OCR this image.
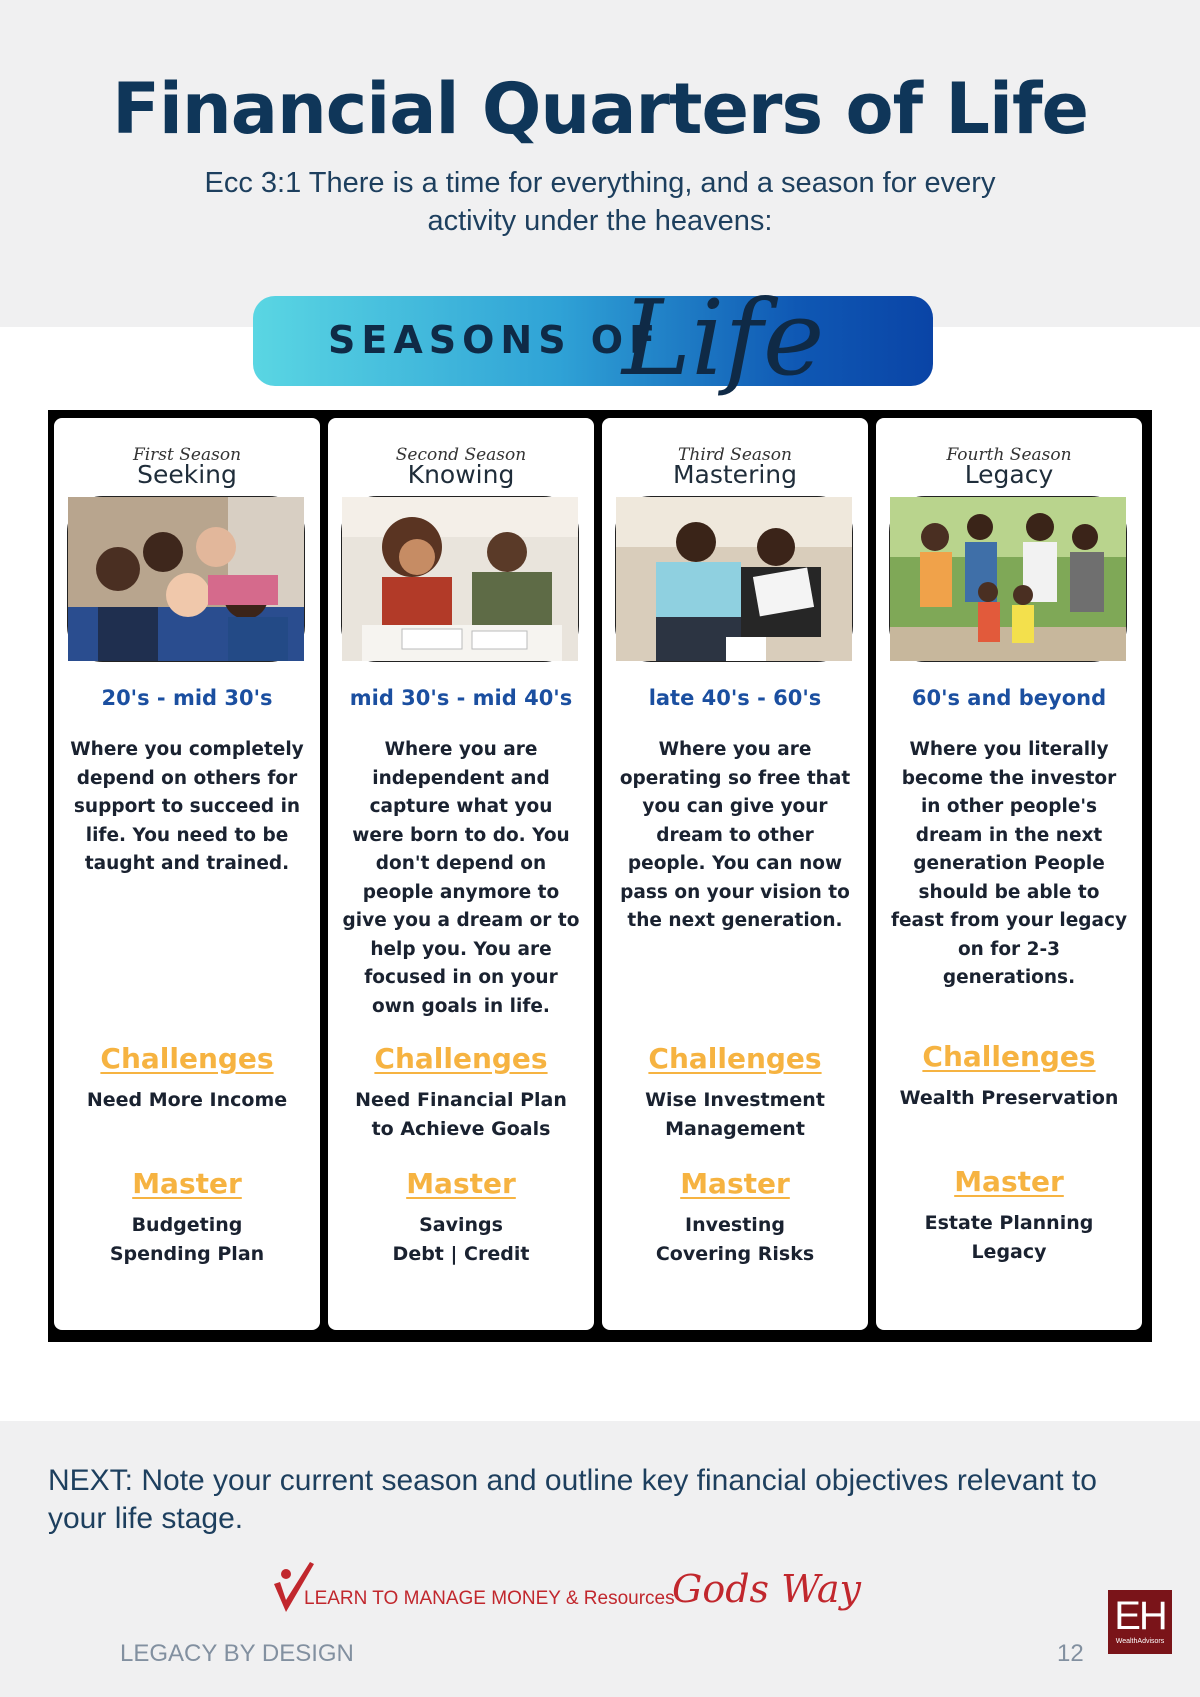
Financial Quarters of Life
Ecc 3:1 There is a time for everything, and a season for every activity under the heavens:
SEASONS OF
Life
First Season
Seeking
20's - mid 30's

Where you completely depend on others for support to succeed in life. You need to be taught and trained.

Challenges
Need More Income
Master
Budgeting
Spending Plan
Second Season
Knowing
mid 30's - mid 40's

Where you are independent and capture what you were born to do. You don't depend on people anymore to give you a dream or to help you. You are focused in on your own goals in life.

Challenges
Need Financial Plan
to Achieve Goals
Master
Savings
Debt | Credit
Third Season
Mastering
late 40's - 60's

Where you are operating so free that you can give your dream to other people. You can now pass on your vision to the next generation.

Challenges
Wise Investment
Management
Master
Investing
Covering Risks
Fourth Season
Legacy
60's and beyond

Where you literally become the investor in other people's dream in the next generation People should be able to feast from your legacy on for 2-3 generations.

Challenges
Wealth Preservation
Master
Estate Planning
Legacy
NEXT: Note your current season and outline key financial objectives relevant to your life stage.
LEARN TO MANAGE MONEY & Resources
Gods Way
LEGACY BY DESIGN	12
EH
WealthAdvisors
